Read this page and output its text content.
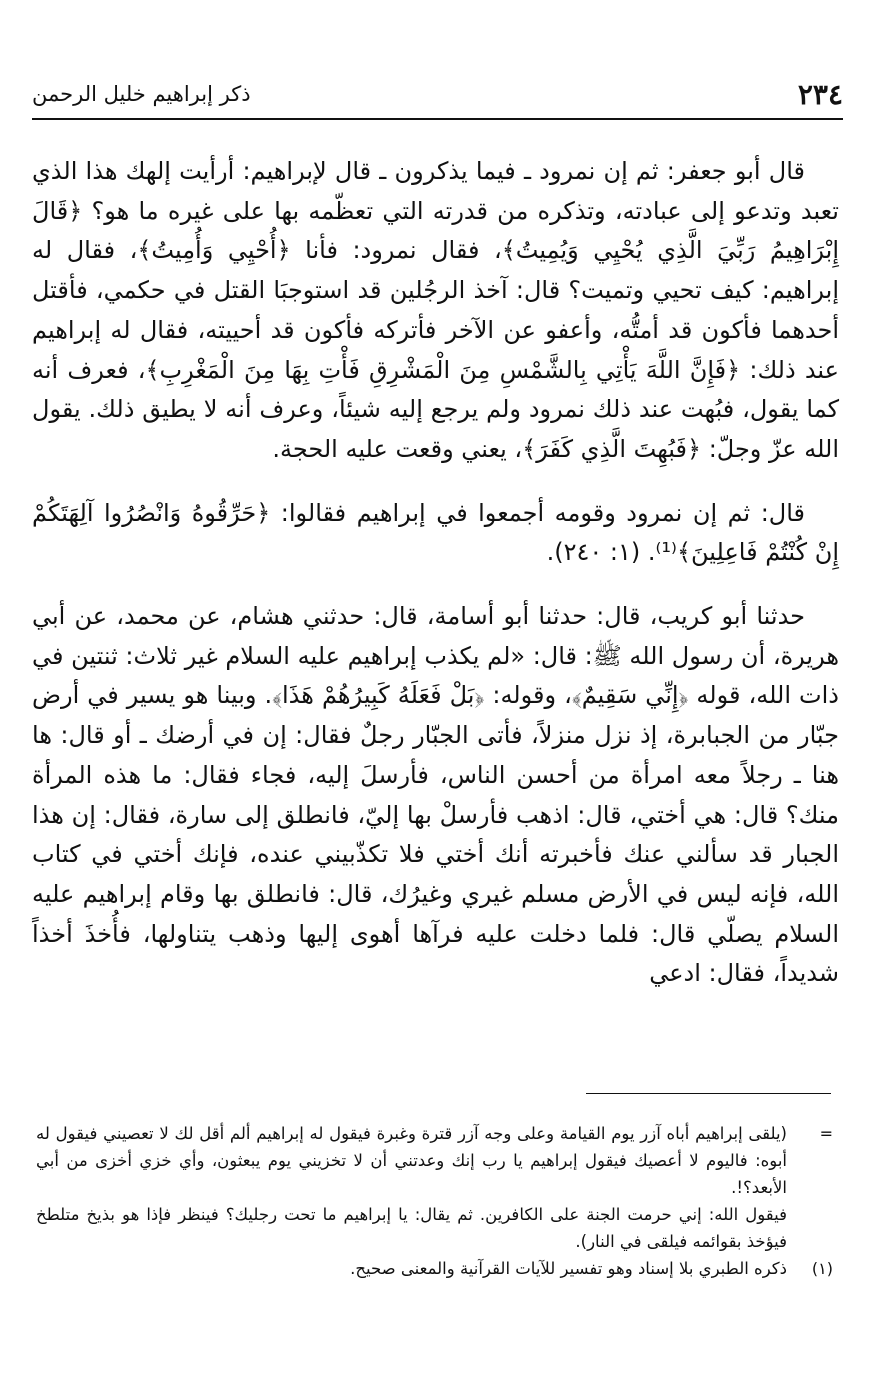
٢٣٤
ذكر إبراهيم خليل الرحمن

قال أبو جعفر: ثم إن نمرود ـ فيما يذكرون ـ قال لإبراهيم: أرأيت إلهك هذا الذي تعبد وتدعو إلى عبادته، وتذكره من قدرته التي تعظّمه بها على غيره ما هو؟ ﴿قَالَ إِبْرَاهِيمُ رَبِّيَ الَّذِي يُحْيِي وَيُمِيتُ﴾، فقال نمرود: فأنا ﴿أُحْيِي وَأُمِيتُ﴾، فقال له إبراهيم: كيف تحيي وتميت؟ قال: آخذ الرجُلين قد استوجبَا القتل في حكمي، فأقتل أحدهما فأكون قد أمتُّه، وأعفو عن الآخر فأتركه فأكون قد أحييته، فقال له إبراهيم عند ذلك: ﴿فَإِنَّ اللَّهَ يَأْتِي بِالشَّمْسِ مِنَ الْمَشْرِقِ فَأْتِ بِهَا مِنَ الْمَغْرِبِ﴾، فعرف أنه كما يقول، فبُهت عند ذلك نمرود ولم يرجع إليه شيئاً، وعرف أنه لا يطيق ذلك. يقول الله عزّ وجلّ: ﴿فَبُهِتَ الَّذِي كَفَرَ﴾، يعني وقعت عليه الحجة.

قال: ثم إن نمرود وقومه أجمعوا في إبراهيم فقالوا: ﴿حَرِّقُوهُ وَانْصُرُوا آلِهَتَكُمْ إِنْ كُنْتُمْ فَاعِلِينَ﴾⁽¹⁾. (١: ٢٤٠).

حدثنا أبو كريب، قال: حدثنا أبو أسامة، قال: حدثني هشام، عن محمد، عن أبي هريرة، أن رسول الله ﷺ: قال: «لم يكذب إبراهيم عليه السلام غير ثلاث: ثنتين في ذات الله، قوله ﴿إِنِّي سَقِيمٌ﴾، وقوله: ﴿بَلْ فَعَلَهُ كَبِيرُهُمْ هَذَا﴾. وبينا هو يسير في أرض جبّار من الجبابرة، إذ نزل منزلاً، فأتى الجبّار رجلٌ فقال: إن في أرضك ـ أو قال: ها هنا ـ رجلاً معه امرأة من أحسن الناس، فأرسلَ إليه، فجاء فقال: ما هذه المرأة منك؟ قال: هي أختي، قال: اذهب فأرسلْ بها إليّ، فانطلق إلى سارة، فقال: إن هذا الجبار قد سألني عنك فأخبرته أنك أختي فلا تكذّبيني عنده، فإنك أختي في كتاب الله، فإنه ليس في الأرض مسلم غيري وغيرُك، قال: فانطلق بها وقام إبراهيم عليه السلام يصلّي قال: فلما دخلت عليه فرآها أهوى إليها وذهب يتناولها، فأُخذَ أخذاً شديداً، فقال: ادعي

=
(يلقى إبراهيم أباه آزر يوم القيامة وعلى وجه آزر قترة وغبرة فيقول له إبراهيم ألم أقل لك لا تعصيني فيقول له أبوه: فاليوم لا أعصيك فيقول إبراهيم يا رب إنك وعدتني أن لا تخزيني يوم يبعثون، وأي خزي أخزى من أبي الأبعد؟!.
فيقول الله: إني حرمت الجنة على الكافرين. ثم يقال: يا إبراهيم ما تحت رجليك؟ فينظر فإذا هو بذيخ متلطخ فيؤخذ بقوائمه فيلقى في النار).
(١)
ذكره الطبري بلا إسناد وهو تفسير للآيات القرآنية والمعنى صحيح.
